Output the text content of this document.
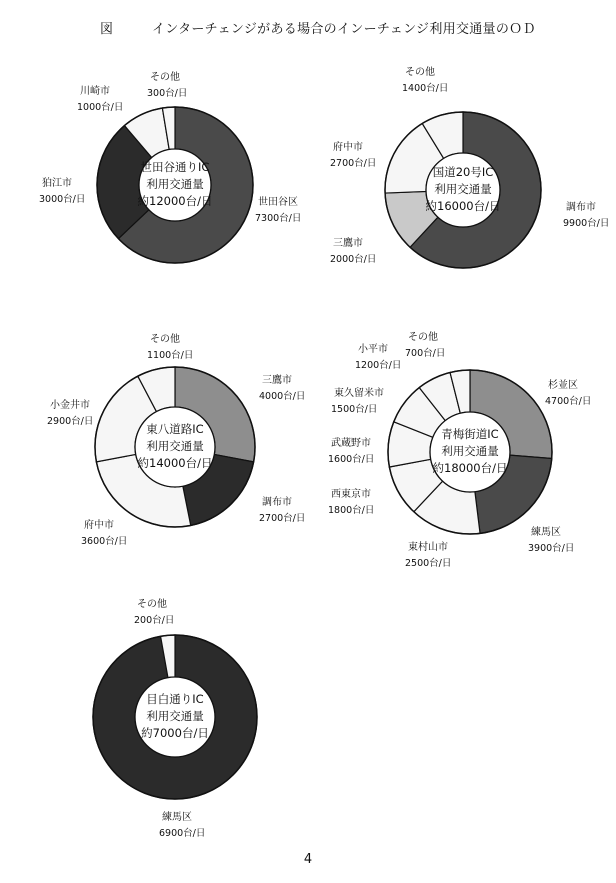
図	インターチェンジがある場合のインーチェンジ利用交通量のＯＤ
世田谷区
7300台/日
狛江市
3000台/日
川崎市
1000台/日
その他
300台/日
世田谷通りIC
利用交通量
約12000台/日	調布市
9900台/日
三鷹市
2000台/日
府中市
2700台/日
その他
1400台/日
国道20号IC
利用交通量
約16000台/日
三鷹市
4000台/日
調布市
2700台/日
府中市
3600台/日
小金井市
2900台/日
その他
1100台/日
東八道路IC
利用交通量
約14000台/日
杉並区
4700台/日
練馬区
3900台/日
東村山市
2500台/日
西東京市
1800台/日
武蔵野市
1600台/日
東久留米市
1500台/日
小平市
1200台/日
その他
700台/日
青梅街道IC
利用交通量
約18000台/日
練馬区
6900台/日
その他
200台/日
目白通りIC
利用交通量
約7000台/日
4
